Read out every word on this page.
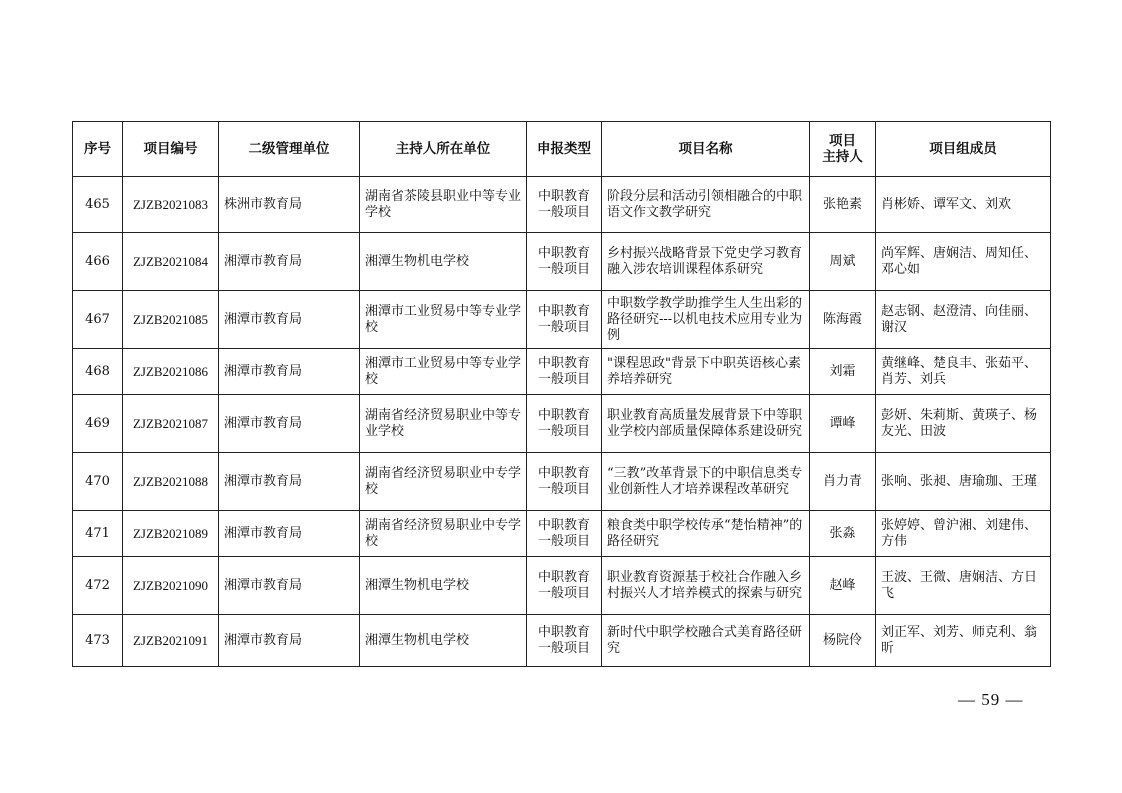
序号	项目编号	二级管理单位	主持人所在单位	申报类型	项目名称	项目
主持人	项目组成员
465	ZJZB2021083	株洲市教育局	湖南省茶陵县职业中等专业学校	中职教育一般项目	阶段分层和活动引领相融合的中职语文作文教学研究	张艳素	肖彬娇、谭军文、刘欢
466	ZJZB2021084	湘潭市教育局	湘潭生物机电学校	中职教育一般项目	乡村振兴战略背景下党史学习教育融入涉农培训课程体系研究	周斌	尚军辉、唐娴洁、周知任、邓心如
467	ZJZB2021085	湘潭市教育局	湘潭市工业贸易中等专业学校	中职教育一般项目	中职数学教学助推学生人生出彩的路径研究---以机电技术应用专业为例	陈海霞	赵志钢、赵澄清、向佳丽、谢汉
468	ZJZB2021086	湘潭市教育局	湘潭市工业贸易中等专业学校	中职教育一般项目	"课程思政"背景下中职英语核心素养培养研究	刘霜	黄继峰、楚良丰、张茹平、肖芳、刘兵
469	ZJZB2021087	湘潭市教育局	湖南省经济贸易职业中等专业学校	中职教育一般项目	职业教育高质量发展背景下中等职业学校内部质量保障体系建设研究	谭峰	彭妍、朱莉斯、黄瑛子、杨友光、田波
470	ZJZB2021088	湘潭市教育局	湖南省经济贸易职业中专学校	中职教育一般项目	“三教”改革背景下的中职信息类专业创新性人才培养课程改革研究	肖力青	张响、张昶、唐瑜珈、王瑾
471	ZJZB2021089	湘潭市教育局	湖南省经济贸易职业中专学校	中职教育一般项目	粮食类中职学校传承“楚怡精神”的路径研究	张淼	张婷婷、曾沪湘、刘建伟、方伟
472	ZJZB2021090	湘潭市教育局	湘潭生物机电学校	中职教育一般项目	职业教育资源基于校社合作融入乡村振兴人才培养模式的探索与研究	赵峰	王波、王微、唐娴洁、方日飞
473	ZJZB2021091	湘潭市教育局	湘潭生物机电学校	中职教育一般项目	新时代中职学校融合式美育路径研究	杨院伶	刘正军、刘芳、师克利、翁昕
— 59 —
